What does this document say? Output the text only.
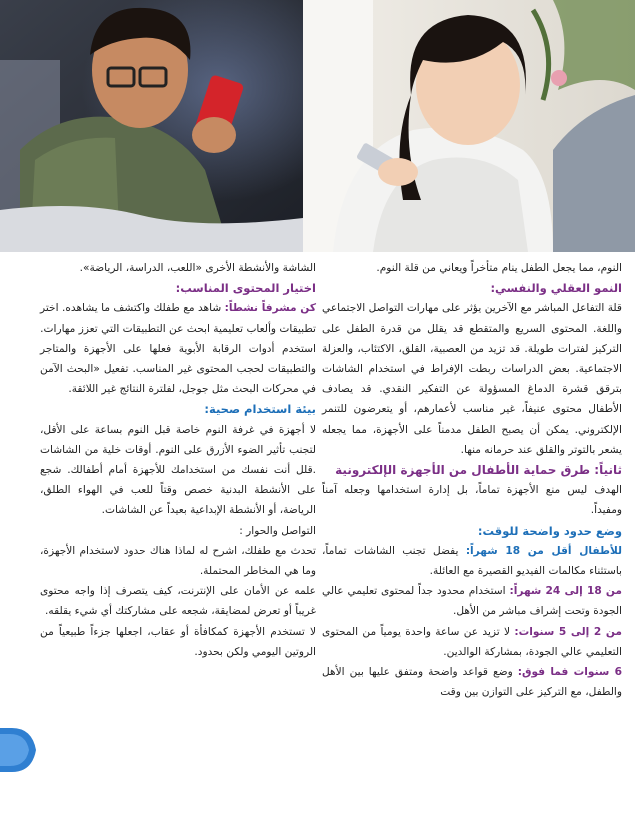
النوم، مما يجعل الطفل ينام متأخراً ويعاني من قلة النوم.

النمو العقلي والنفسي:

قلة التفاعل المباشر مع الآخرين يؤثر على مهارات التواصل الاجتماعي واللغة. المحتوى السريع والمتقطع قد يقلل من قدرة الطفل على التركيز لفترات طويلة. قد تزيد من العصبية، القلق، الاكتئاب، والعزلة الاجتماعية. بعض الدراسات ربطت الإفراط في استخدام الشاشات بترقق قشرة الدماغ المسؤولة عن التفكير النقدي. قد يصادف الأطفال محتوى عنيفاً، غير مناسب لأعمارهم، أو يتعرضون للتنمر الإلكتروني. يمكن أن يصبح الطفل مدمناً على الأجهزة، مما يجعله يشعر بالتوتر والقلق عند حرمانه منها.

ثانياً: طرق حماية الأطفال من الأجهزة الإلكترونية

الهدف ليس منع الأجهزة تماماً، بل إدارة استخدامها وجعله آمناً ومفيداً.

وضع حدود واضحة للوقت:

للأطفال أقل من 18 شهراً: يفضل تجنب الشاشات تماماً، باستثناء مكالمات الفيديو القصيرة مع العائلة.

من 18 إلى 24 شهراً: استخدام محدود جداً لمحتوى تعليمي عالي الجودة وتحت إشراف مباشر من الأهل.

من 2 إلى 5 سنوات: لا تزيد عن ساعة واحدة يومياً من المحتوى التعليمي عالي الجودة، بمشاركة الوالدين.

6 سنوات فما فوق: وضع قواعد واضحة ومتفق عليها بين الأهل والطفل، مع التركيز على التوازن بين وقت

الشاشة والأنشطة الأخرى «اللعب، الدراسة، الرياضة».

اختيار المحتوى المناسب:

كن مشرفاً نشطاً: شاهد مع طفلك واكتشف ما يشاهده. اختر تطبيقات وألعاب تعليمية ابحث عن التطبيقات التي تعزز مهارات.

استخدم أدوات الرقابة الأبوية فعلها على الأجهزة والمتاجر والتطبيقات لحجب المحتوى غير المناسب. تفعيل «البحث الآمن في محركات البحث مثل جوجل، لفلترة النتائج غير اللائقة.

بيئة استخدام صحية:

لا أجهزة في غرفة النوم خاصة قبل النوم بساعة على الأقل، لتجنب تأثير الضوء الأزرق على النوم. أوقات خلية من الشاشات .قلل أنت نفسك من استخدامك للأجهزة أمام أطفالك. شجع على الأنشطة البدنية خصص وقتاً للعب في الهواء الطلق، الرياضة، أو الأنشطة الإبداعية بعيداً عن الشاشات.

التواصل والحوار :

تحدث مع طفلك، اشرح له لماذا هناك حدود لاستخدام الأجهزة، وما هي المخاطر المحتملة.

علمه عن الأمان على الإنترنت، كيف يتصرف إذا واجه محتوى غريباً أو تعرض لمضايقة، شجعه على مشاركتك أي شيء يقلقه.

لا تستخدم الأجهزة كمكافأة أو عقاب، اجعلها جزءاً طبيعياً من الروتين اليومي ولكن بحدود.
